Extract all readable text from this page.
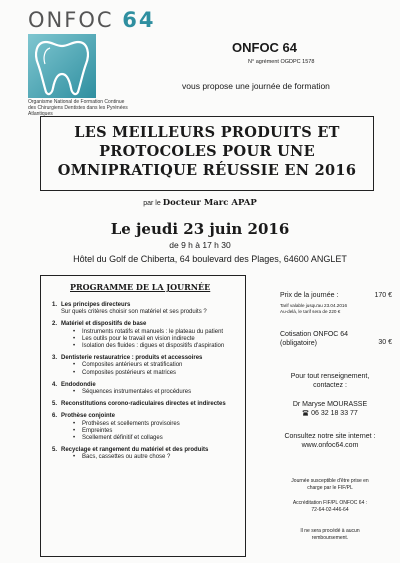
ONFOC 64
Organisme National de Formation Continue des Chirurgiens Dentistes dans les Pyrénées Atlantiques
ONFOC 64
N° agrément OGDPC 1578
vous propose une journée de formation
LES MEILLEURS PRODUITS ET
PROTOCOLES POUR UNE
OMNIPRATIQUE RÉUSSIE EN 2016
par le Docteur Marc APAP
Le jeudi 23 juin 2016
de 9 h à 17 h 30
Hôtel du Golf de Chiberta, 64 boulevard des Plages, 64600 ANGLET
PROGRAMME DE LA JOURNÉE
1. Les principes directeurs
Sur quels critères choisir son matériel et ses produits ?
2. Matériel et dispositifs de base
•	Instruments rotatifs et manuels : le plateau du patient
•	Les outils pour le travail en vision indirecte
•	Isolation des fluides : digues et dispositifs d'aspiration
3. Dentisterie restauratrice : produits et accessoires
•	Composites antérieurs et stratification
•	Composites postérieurs et matrices
4. Endodondie
•	Séquences instrumentales et procédures
5. Reconstitutions corono-radiculaires directes et indirectes
6. Prothèse conjointe
•	Prothèses et scellements provisoires
•	Empreintes
•	Scellement définitif et collages
5. Recyclage et rangement du matériel et des produits
•	Bacs, cassettes ou autre chose ?
Prix de la journée :	170 €
Tarif valable jusqu'au 23.04.2016
Au-delà, le tarif sera de 220 €
Cotisation ONFOC 64
(obligatoire)	30 €
Pour tout renseignement,
contactez :
Dr Maryse MOURASSE
06 32 18 33 77
Consultez notre site internet :
www.onfoc64.com
Journée susceptible d'être prise en
charge par le FIF/PL
Accréditation FIF/PL ONFOC 64 :
72-64-02-446-64
Il ne sera procédé à aucun
remboursement.
